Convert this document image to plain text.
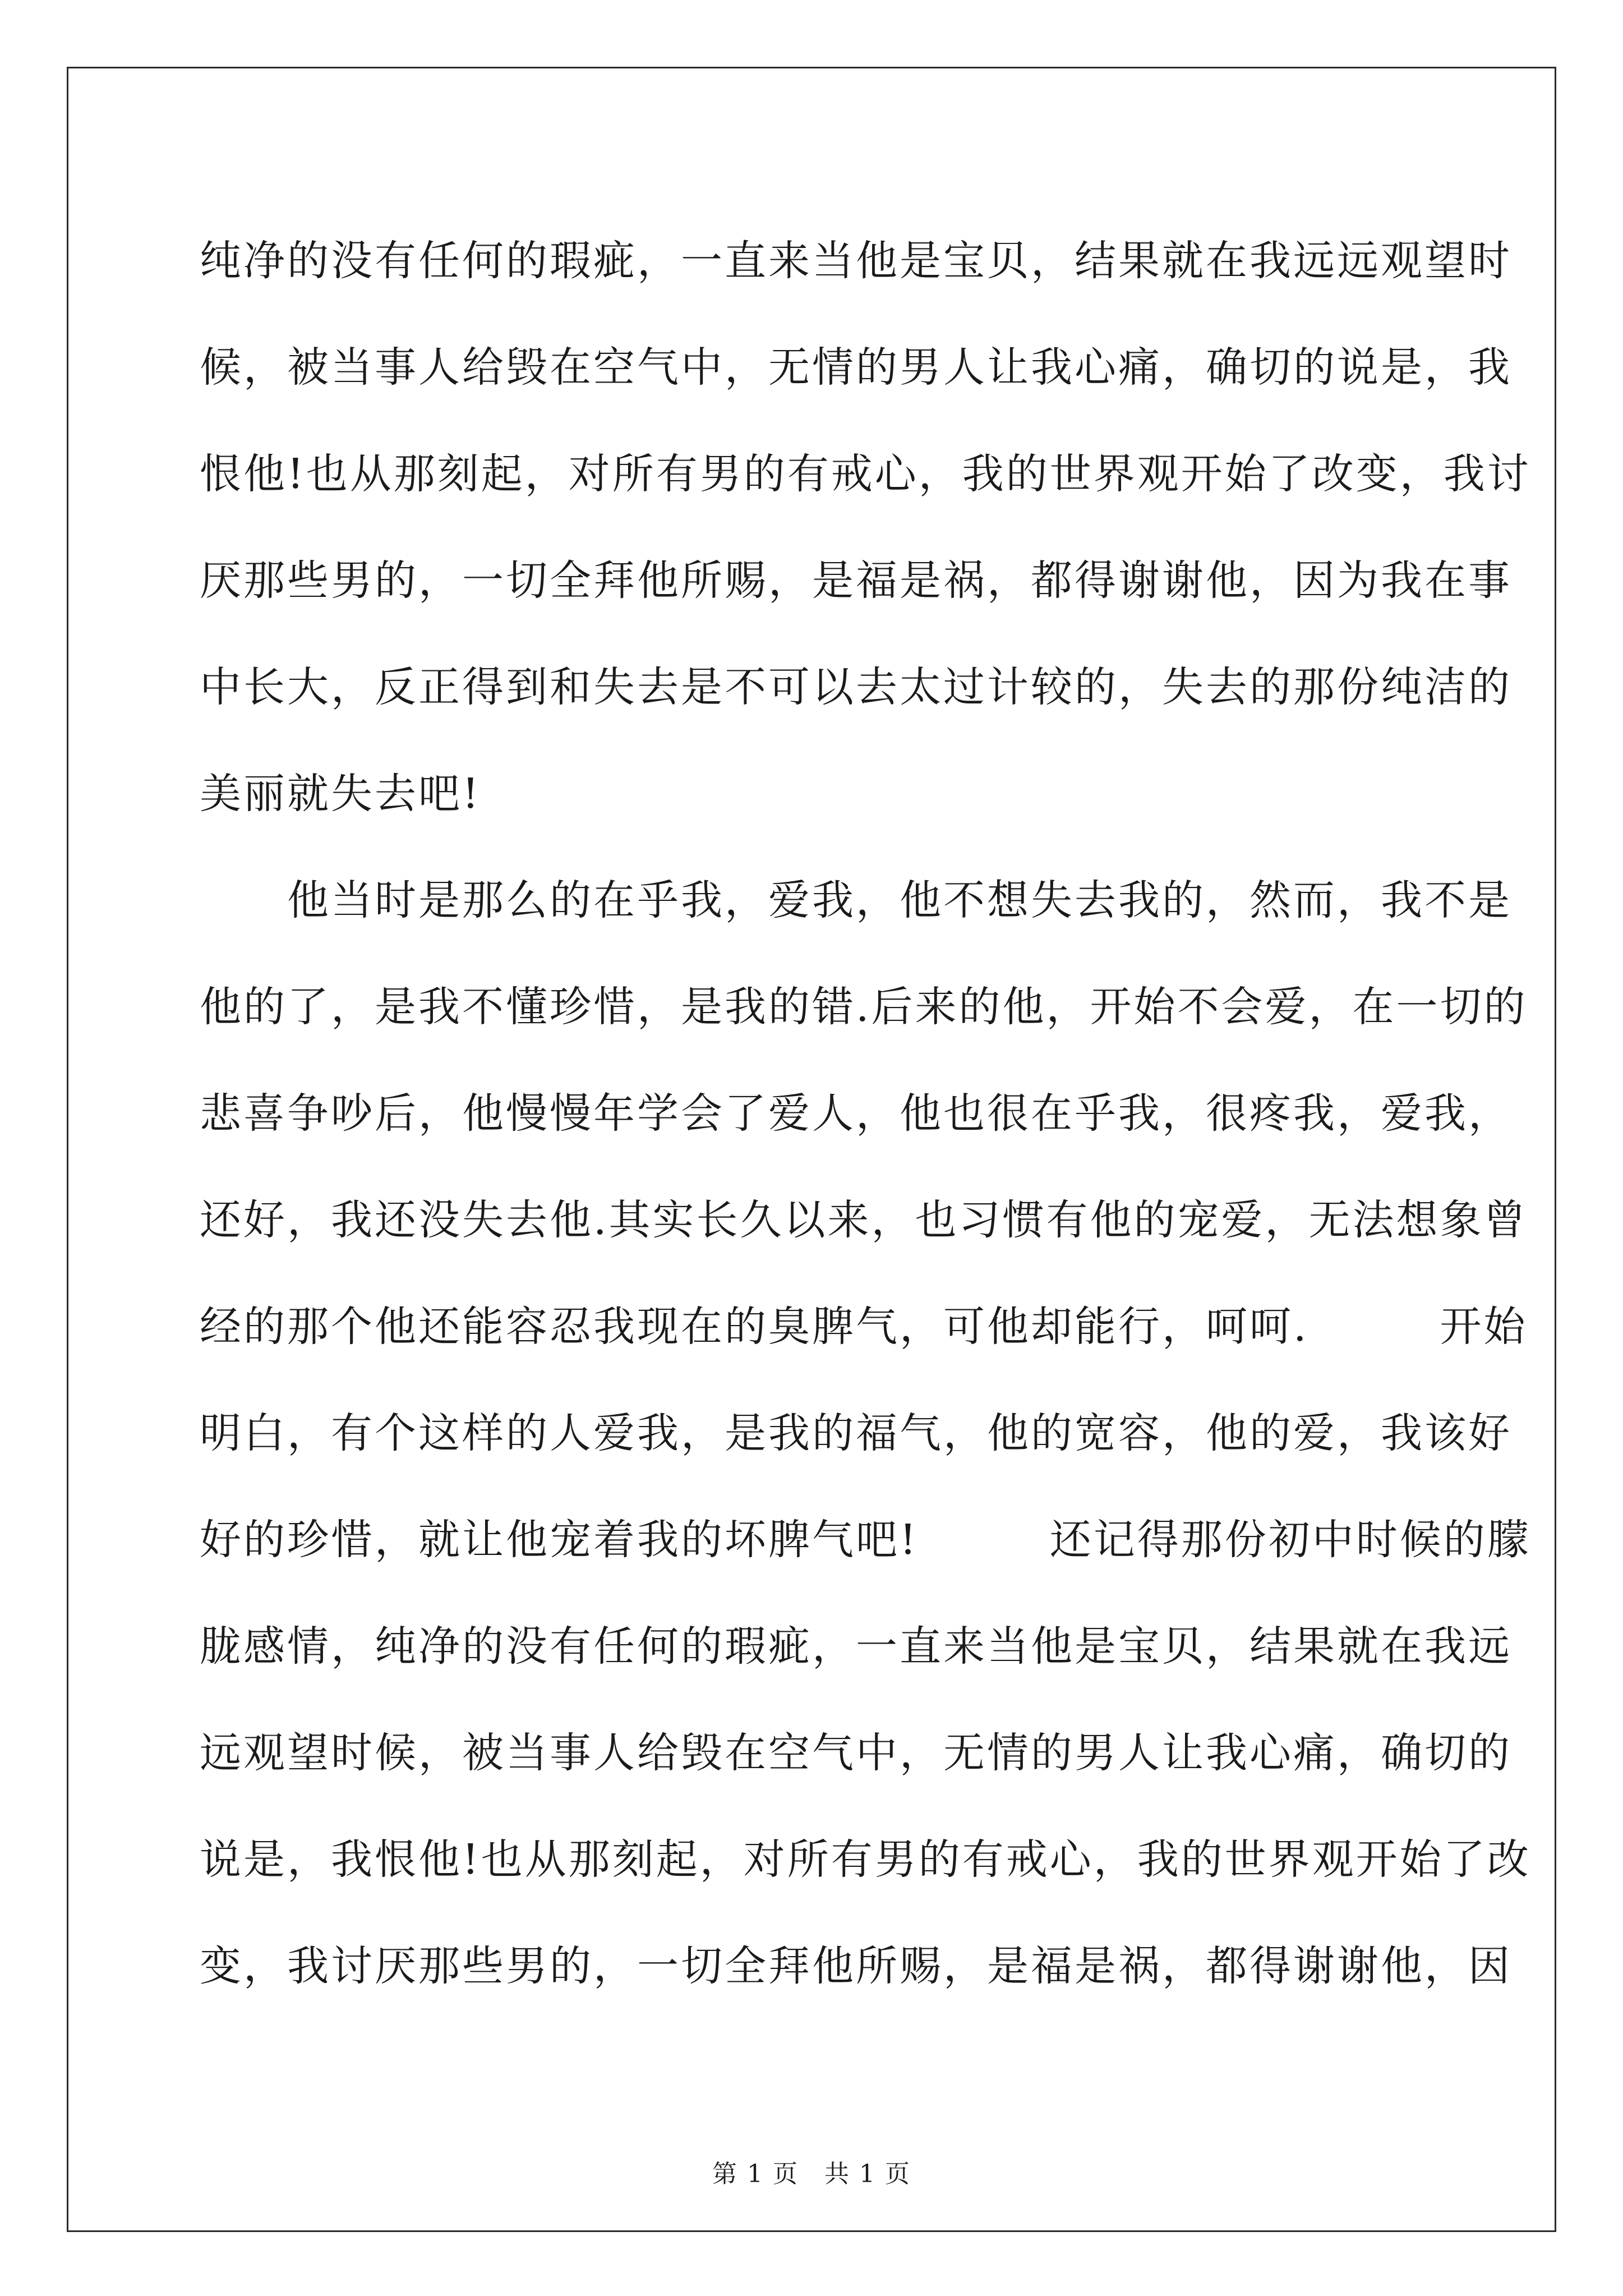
纯净的没有任何的瑕疵，一直来当他是宝贝，结果就在我远远观望时
候，被当事人给毁在空气中，无情的男人让我心痛，确切的说是，我
恨他!也从那刻起，对所有男的有戒心，我的世界观开始了改变，我讨
厌那些男的，一切全拜他所赐，是福是祸，都得谢谢他，因为我在事
中长大，反正得到和失去是不可以去太过计较的，失去的那份纯洁的
美丽就失去吧!
　　他当时是那么的在乎我，爱我，他不想失去我的，然而，我不是
他的了，是我不懂珍惜，是我的错.后来的他，开始不会爱，在一切的
悲喜争吵后，他慢慢年学会了爱人，他也很在乎我，很疼我，爱我，
还好，我还没失去他.其实长久以来，也习惯有他的宠爱，无法想象曾
经的那个他还能容忍我现在的臭脾气，可他却能行，呵呵.　　　开始
明白，有个这样的人爱我，是我的福气，他的宽容，他的爱，我该好
好的珍惜，就让他宠着我的坏脾气吧!　　　还记得那份初中时候的朦
胧感情，纯净的没有任何的瑕疵，一直来当他是宝贝，结果就在我远
远观望时候，被当事人给毁在空气中，无情的男人让我心痛，确切的
说是，我恨他!也从那刻起，对所有男的有戒心，我的世界观开始了改
变，我讨厌那些男的，一切全拜他所赐，是福是祸，都得谢谢他，因
第 1 页　共 1 页
